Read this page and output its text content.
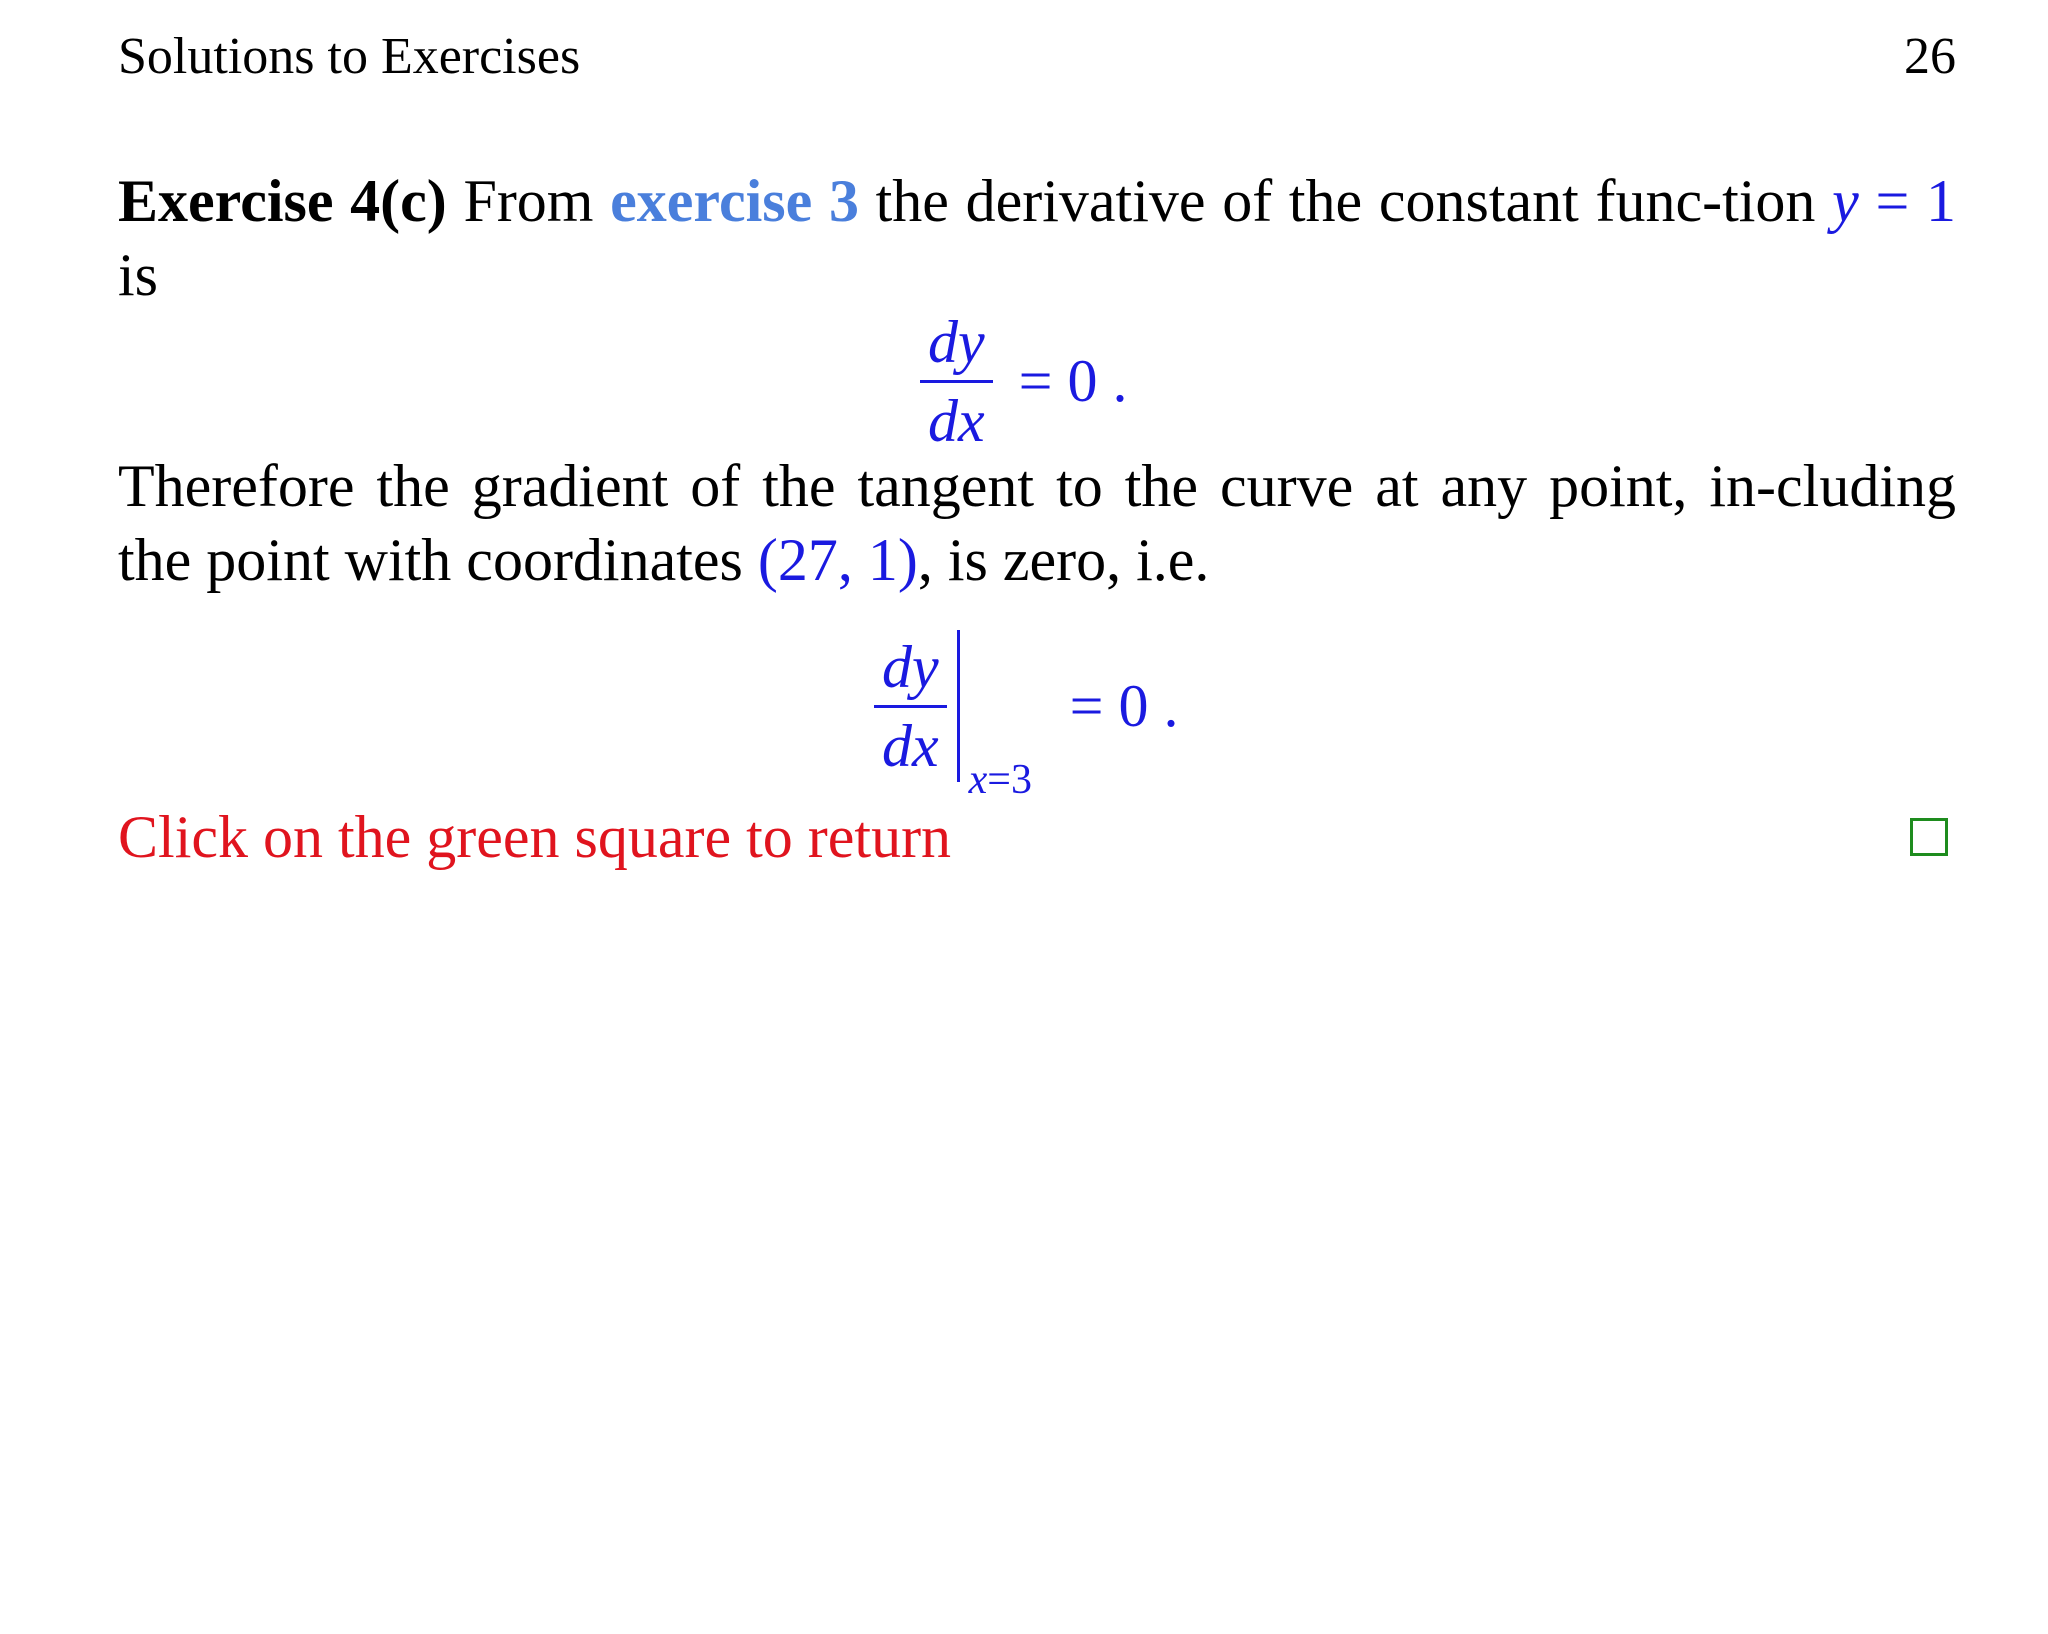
Solutions to Exercises	26
Exercise 4(c) From exercise 3 the derivative of the constant func-tion y = 1 is
$\frac{dy}{dx} = 0$ .
Therefore the gradient of the tangent to the curve at any point, in-cluding the point with coordinates (27, 1), is zero, i.e.
$\frac{dy}{dx}$
x=3
= 0 .
Click on the green square to return
